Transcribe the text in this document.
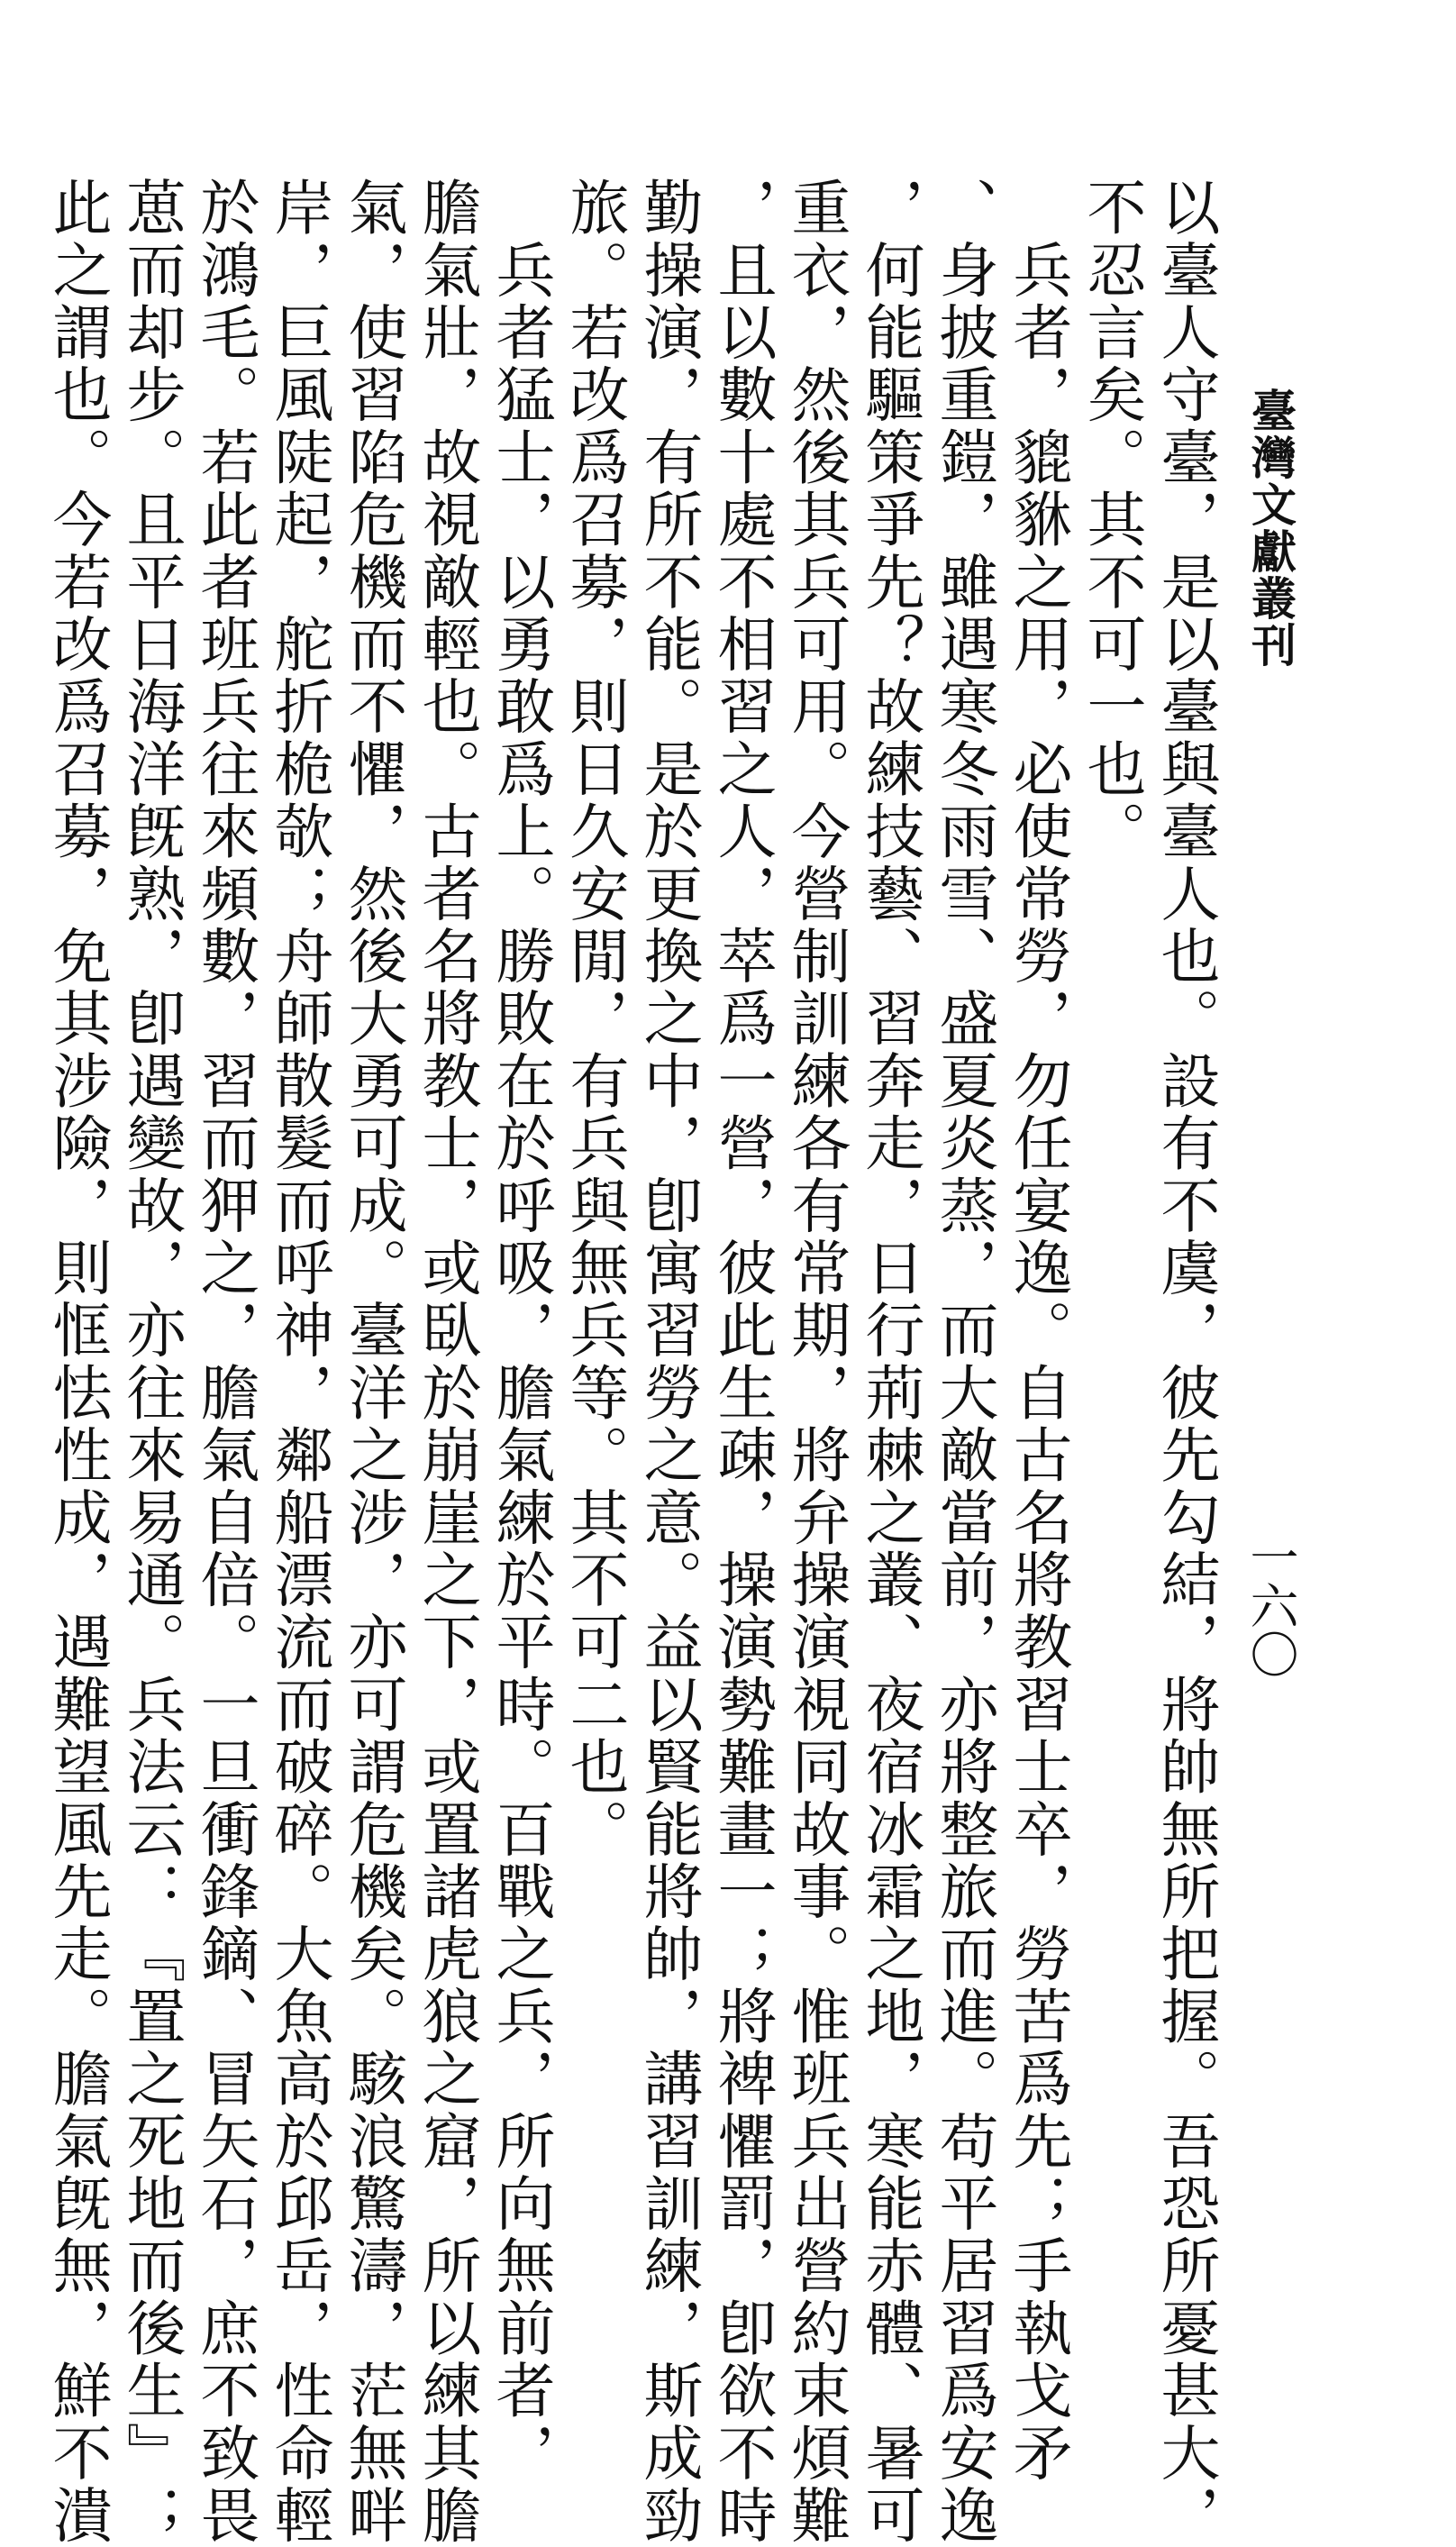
臺灣文獻叢刊
一六〇
以臺人守臺，是以臺與臺人也。設有不虞，彼先勾結，將帥無所把握。吾恐所憂甚大，
不忍言矣。其不可一也。
　兵者，貔貅之用，必使常勞，勿任宴逸。自古名將教習士卒，勞苦爲先；手執戈矛
、身披重鎧，雖遇寒冬雨雪、盛夏炎蒸，而大敵當前，亦將整旅而進。苟平居習爲安逸
，何能驅策爭先？故練技藝、習奔走，日行荊棘之叢、夜宿冰霜之地，寒能赤體、暑可
重衣，然後其兵可用。今營制訓練各有常期，將弁操演視同故事。惟班兵出營約束煩難
，且以數十處不相習之人，萃爲一營，彼此生疎，操演勢難畫一；將裨懼罰，卽欲不時
勤操演，有所不能。是於更換之中，卽寓習勞之意。益以賢能將帥，講習訓練，斯成勁
旅。若改爲召募，則日久安閒，有兵與無兵等。其不可二也。
　兵者猛士，以勇敢爲上。勝敗在於呼吸，膽氣練於平時。百戰之兵，所向無前者，
膽氣壯，故視敵輕也。古者名將教士，或臥於崩崖之下，或置諸虎狼之窟，所以練其膽
氣，使習陷危機而不懼，然後大勇可成。臺洋之涉，亦可謂危機矣。駭浪驚濤，茫無畔
岸，巨風陡起，舵折桅欹；舟師散髮而呼神，鄰船漂流而破碎。大魚高於邱岳，性命輕
於鴻毛。若此者班兵往來頻數，習而狎之，膽氣自倍。一旦衝鋒鏑、冒矢石，庶不致畏
葸而却步。且平日海洋旣熟，卽遇變故，亦往來易通。兵法云：『置之死地而後生』；
此之謂也。今若改爲召募，免其涉險，則恇怯性成，遇難望風先走。膽氣旣無，鮮不潰
